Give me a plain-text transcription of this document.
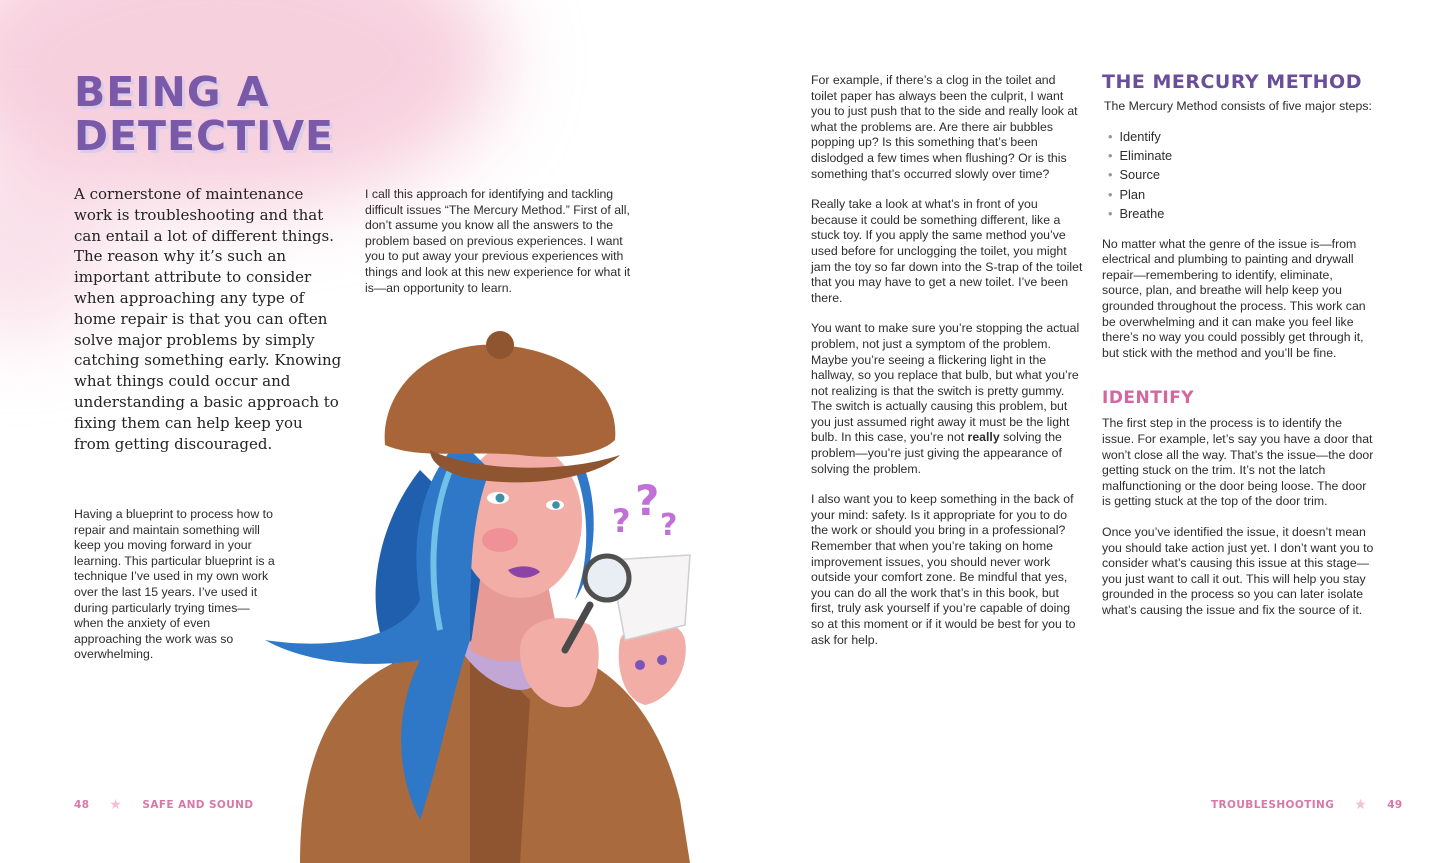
BEING A
DETECTIVE

A cornerstone of maintenance work is troubleshooting and that can entail a lot of different things. The reason why it’s such an important attribute to consider when approaching any type of home repair is that you can often solve major problems by simply catching something early. Knowing what things could occur and understanding a basic approach to fixing them can help keep you from getting discouraged.

Having a blueprint to process how to repair and maintain something will keep you moving forward in your learning. This particular blueprint is a technique I’ve used in my own work over the last 15 years. I’ve used it during particularly trying times—when the anxiety of even approaching the work was so overwhelming.

I call this approach for identifying and tackling difficult issues “The Mercury Method.” First of all, don’t assume you know all the answers to the problem based on previous experiences. I want you to put away your previous experiences with things and look at this new experience for what it is—an opportunity to learn.

? ?
?
48 ★ SAFE AND SOUND

For example, if there’s a clog in the toilet and toilet paper has always been the culprit, I want you to just push that to the side and really look at what the problems are. Are there air bubbles popping up? Is this something that’s been dislodged a few times when flushing? Or is this something that’s occurred slowly over time?

Really take a look at what’s in front of you because it could be something different, like a stuck toy. If you apply the same method you’ve used before for unclogging the toilet, you might jam the toy so far down into the S-trap of the toilet that you may have to get a new toilet. I’ve been there.

You want to make sure you’re stopping the actual problem, not just a symptom of the problem. Maybe you’re seeing a flickering light in the hallway, so you replace that bulb, but what you’re not realizing is that the switch is pretty gummy. The switch is actually causing this problem, but you just assumed right away it must be the light bulb. In this case, you’re not really solving the problem—you’re just giving the appearance of solving the problem.

I also want you to keep something in the back of your mind: safety. Is it appropriate for you to do the work or should you bring in a professional? Remember that when you’re taking on home improvement issues, you should never work outside your comfort zone. Be mindful that yes, you can do all the work that’s in this book, but first, truly ask yourself if you’re capable of doing so at this moment or if it would be best for you to ask for help.

THE MERCURY METHOD

The Mercury Method consists of five major steps:

• Identify
• Eliminate
• Source
• Plan
• Breathe

No matter what the genre of the issue is—from electrical and plumbing to painting and drywall repair—remembering to identify, eliminate, source, plan, and breathe will help keep you grounded throughout the process. This work can be overwhelming and it can make you feel like there’s no way you could possibly get through it, but stick with the method and you’ll be fine.

IDENTIFY

The first step in the process is to identify the issue. For example, let’s say you have a door that won’t close all the way. That’s the issue—the door getting stuck on the trim. It’s not the latch malfunctioning or the door being loose. The door is getting stuck at the top of the door trim.

Once you’ve identified the issue, it doesn’t mean you should take action just yet. I don’t want you to consider what’s causing this issue at this stage—you just want to call it out. This will help you stay grounded in the process so you can later isolate what’s causing the issue and fix the source of it.

TROUBLESHOOTING ★ 49
